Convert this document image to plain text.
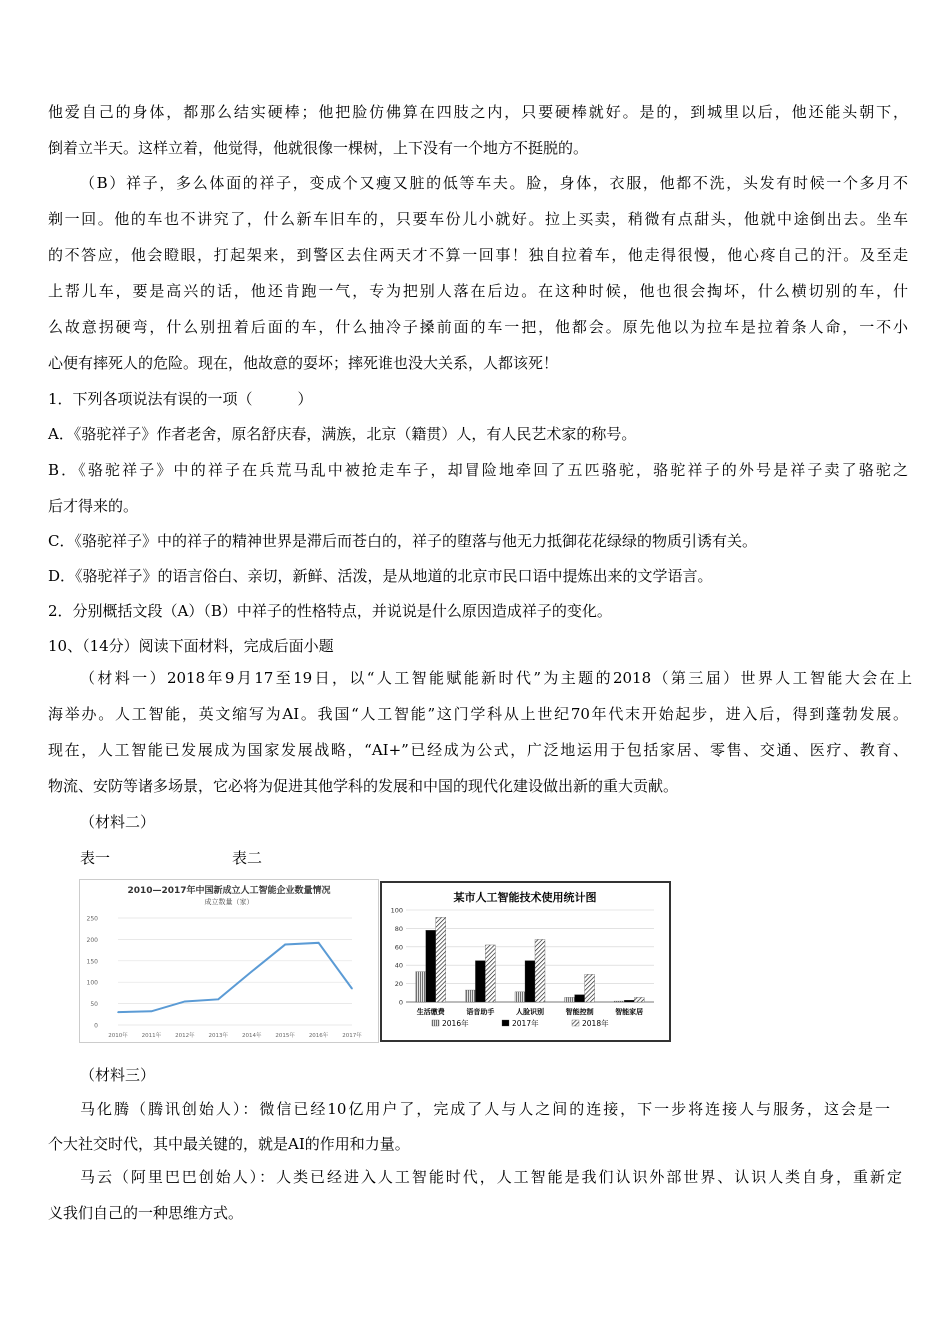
他爱自己的身体，都那么结实硬棒；他把脸仿佛算在四肢之内，只要硬棒就好。是的，到城里以后，他还能头朝下，
倒着立半天。这样立着，他觉得，他就很像一棵树，上下没有一个地方不挺脱的。
（B）祥子，多么体面的祥子，变成个又瘦又脏的低等车夫。脸，身体，衣服，他都不洗，头发有时候一个多月不
剃一回。他的车也不讲究了，什么新车旧车的，只要车份儿小就好。拉上买卖，稍微有点甜头，他就中途倒出去。坐车
的不答应，他会瞪眼，打起架来，到警区去住两天才不算一回事！独自拉着车，他走得很慢，他心疼自己的汗。及至走
上帮儿车，要是高兴的话，他还肯跑一气，专为把别人落在后边。在这种时候，他也很会掏坏，什么横切别的车，什
么故意拐硬弯，什么别扭着后面的车，什么抽冷子搡前面的车一把，他都会。原先他以为拉车是拉着条人命，一不小
心便有摔死人的危险。现在，他故意的耍坏；摔死谁也没大关系，人都该死！
1．下列各项说法有误的一项（　　　）
A．《骆驼祥子》作者老舍，原名舒庆春，满族，北京（籍贯）人，有人民艺术家的称号。
B．《骆驼祥子》中的祥子在兵荒马乱中被抢走车子，却冒险地牵回了五匹骆驼，骆驼祥子的外号是祥子卖了骆驼之
后才得来的。
C．《骆驼祥子》中的祥子的精神世界是滞后而苍白的，祥子的堕落与他无力抵御花花绿绿的物质引诱有关。
D．《骆驼祥子》的语言俗白、亲切，新鲜、活泼，是从地道的北京市民口语中提炼出来的文学语言。
2．分别概括文段（A）（B）中祥子的性格特点，并说说是什么原因造成祥子的变化。
10、（14分）阅读下面材料，完成后面小题
（材料一）2018年9月17至19日，以“人工智能赋能新时代”为主题的2018（第三届）世界人工智能大会在上
海举办。人工智能，英文缩写为AI。我国“人工智能”这门学科从上世纪70年代末开始起步，进入后，得到蓬勃发展。
现在，人工智能已发展成为国家发展战略，“AI+”已经成为公式，广泛地运用于包括家居、零售、交通、医疗、教育、
物流、安防等诸多场景，它必将为促进其他学科的发展和中国的现代化建设做出新的重大贡献。
（材料二）
表一	表二
（材料三）
马化腾（腾讯创始人）：微信已经10亿用户了，完成了人与人之间的连接，下一步将连接人与服务，这会是一
个大社交时代，其中最关键的，就是AI的作用和力量。
马云（阿里巴巴创始人）：人类已经进入人工智能时代，人工智能是我们认识外部世界、认识人类自身，重新定
义我们自己的一种思维方式。
2010—2017年中国新成立人工智能企业数量情况
成立数量（家）
0
50
100
150
200
250
2010年	2011年	2012年	2013年	2014年	2015年	2016年	2017年
某市人工智能技术使用统计图
0
20
40
60
80
100
生活缴费	语音助手	人脸识别	智能控制	智能家居
2016年	2017年	2018年
